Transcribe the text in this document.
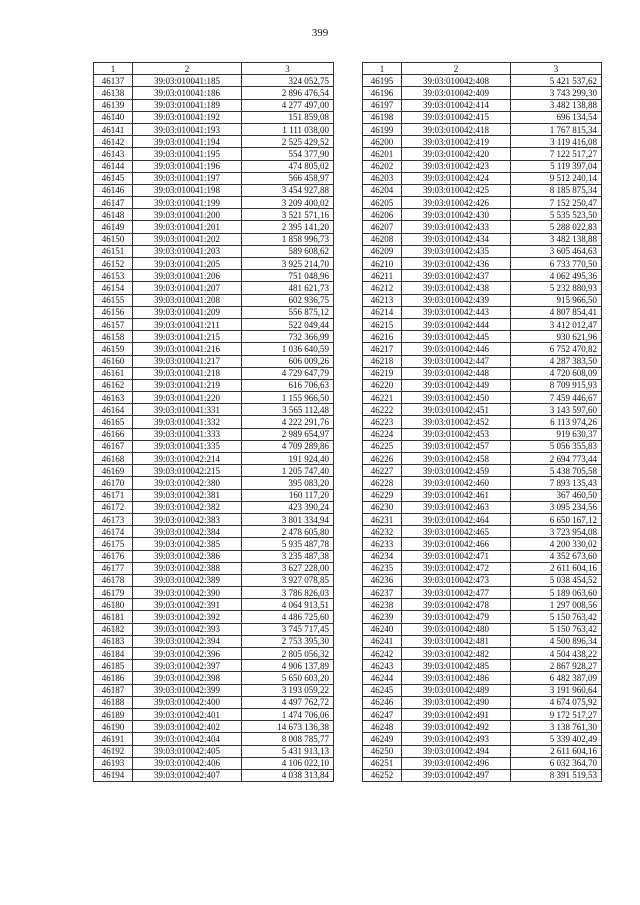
399
1	2	3
46137	39:03:010041:185	324 052,75
46138	39:03:010041:186	2 896 476,54
46139	39:03:010041:189	4 277 497,00
46140	39:03:010041:192	151 859,08
46141	39:03:010041:193	1 111 038,00
46142	39:03:010041:194	2 525 429,52
46143	39:03:010041:195	554 377,90
46144	39:03:010041:196	474 805,02
46145	39:03:010041:197	566 458,97
46146	39:03:010041:198	3 454 927,88
46147	39:03:010041:199	3 209 400,02
46148	39:03:010041:200	3 521 571,16
46149	39:03:010041:201	2 395 141,20
46150	39:03:010041:202	1 858 996,73
46151	39:03:010041:203	589 608,62
46152	39:03:010041:205	3 925 214,70
46153	39:03:010041:206	751 048,96
46154	39:03:010041:207	481 621,73
46155	39:03:010041:208	602 936,75
46156	39:03:010041:209	556 875,12
46157	39:03:010041:211	522 049,44
46158	39:03:010041:215	732 366,99
46159	39:03:010041:216	1 036 640,59
46160	39:03:010041:217	606 009,26
46161	39:03:010041:218	4 729 647,79
46162	39:03:010041:219	616 706,63
46163	39:03:010041:220	1 155 966,50
46164	39:03:010041:331	3 565 112,48
46165	39:03:010041:332	4 222 291,76
46166	39:03:010041:333	2 989 654,97
46167	39:03:010041:335	4 709 289,86
46168	39:03:010042:214	191 924,40
46169	39:03:010042:215	1 205 747,40
46170	39:03:010042:380	395 083,20
46171	39:03:010042:381	160 117,20
46172	39:03:010042:382	423 390,24
46173	39:03:010042:383	3 801 334,94
46174	39:03:010042:384	2 478 605,80
46175	39:03:010042:385	5 935 487,78
46176	39:03:010042:386	3 235 487,38
46177	39:03:010042:388	3 627 228,00
46178	39:03:010042:389	3 927 078,85
46179	39:03:010042:390	3 786 826,03
46180	39:03:010042:391	4 064 913,51
46181	39:03:010042:392	4 486 725,60
46182	39:03:010042:393	3 745 717,45
46183	39:03:010042:394	2 753 395,30
46184	39:03:010042:396	2 805 056,32
46185	39:03:010042:397	4 906 137,89
46186	39:03:010042:398	5 650 603,20
46187	39:03:010042:399	3 193 059,22
46188	39:03:010042:400	4 497 762,72
46189	39:03:010042:401	1 474 706,06
46190	39:03:010042:402	14 673 136,38
46191	39:03:010042:404	8 008 785,77
46192	39:03:010042:405	5 431 913,13
46193	39:03:010042:406	4 106 022,10
46194	39:03:010042:407	4 038 313,84
1	2	3
46195	39:03:010042:408	5 421 537,62
46196	39:03:010042:409	3 743 299,30
46197	39:03:010042:414	3 482 138,88
46198	39:03:010042:415	696 134,54
46199	39:03:010042:418	1 767 815,34
46200	39:03:010042:419	3 119 416,08
46201	39:03:010042:420	7 122 517,27
46202	39:03:010042:423	5 119 397,04
46203	39:03:010042:424	9 512 240,14
46204	39:03:010042:425	8 185 875,34
46205	39:03:010042:426	7 152 250,47
46206	39:03:010042:430	5 535 523,50
46207	39:03:010042:433	5 288 022,83
46208	39:03:010042:434	3 482 138,88
46209	39:03:010042:435	3 605 464,63
46210	39:03:010042:436	6 733 770,50
46211	39:03:010042:437	4 062 495,36
46212	39:03:010042:438	5 232 880,93
46213	39:03:010042:439	915 966,50
46214	39:03:010042:443	4 807 854,41
46215	39:03:010042:444	3 412 012,47
46216	39:03:010042:445	930 621,96
46217	39:03:010042:446	6 752 470,82
46218	39:03:010042:447	4 287 383,50
46219	39:03:010042:448	4 720 608,09
46220	39:03:010042:449	8 709 915,93
46221	39:03:010042:450	7 459 446,67
46222	39:03:010042:451	3 143 597,60
46223	39:03:010042:452	6 113 974,26
46224	39:03:010042:453	919 630,37
46225	39:03:010042:457	5 056 355,83
46226	39:03:010042:458	2 694 773,44
46227	39:03:010042:459	5 438 705,58
46228	39:03:010042:460	7 893 135,43
46229	39:03:010042:461	367 460,50
46230	39:03:010042:463	3 095 234,56
46231	39:03:010042:464	6 650 167,12
46232	39:03:010042:465	3 723 954,08
46233	39:03:010042:466	4 200 330,02
46234	39:03:010042:471	4 352 673,60
46235	39:03:010042:472	2 611 604,16
46236	39:03:010042:473	5 038 454,52
46237	39:03:010042:477	5 189 063,60
46238	39:03:010042:478	1 297 008,56
46239	39:03:010042:479	5 150 763,42
46240	39:03:010042:480	5 150 763,42
46241	39:03:010042:481	4 500 896,34
46242	39:03:010042:482	4 504 438,22
46243	39:03:010042:485	2 867 928,27
46244	39:03:010042:486	6 482 387,09
46245	39:03:010042:489	3 191 960,64
46246	39:03:010042:490	4 674 075,92
46247	39:03:010042:491	9 172 517,27
46248	39:03:010042:492	3 138 761,30
46249	39:03:010042:493	5 339 402,49
46250	39:03:010042:494	2 611 604,16
46251	39:03:010042:496	6 032 364,70
46252	39:03:010042:497	8 391 519,53
